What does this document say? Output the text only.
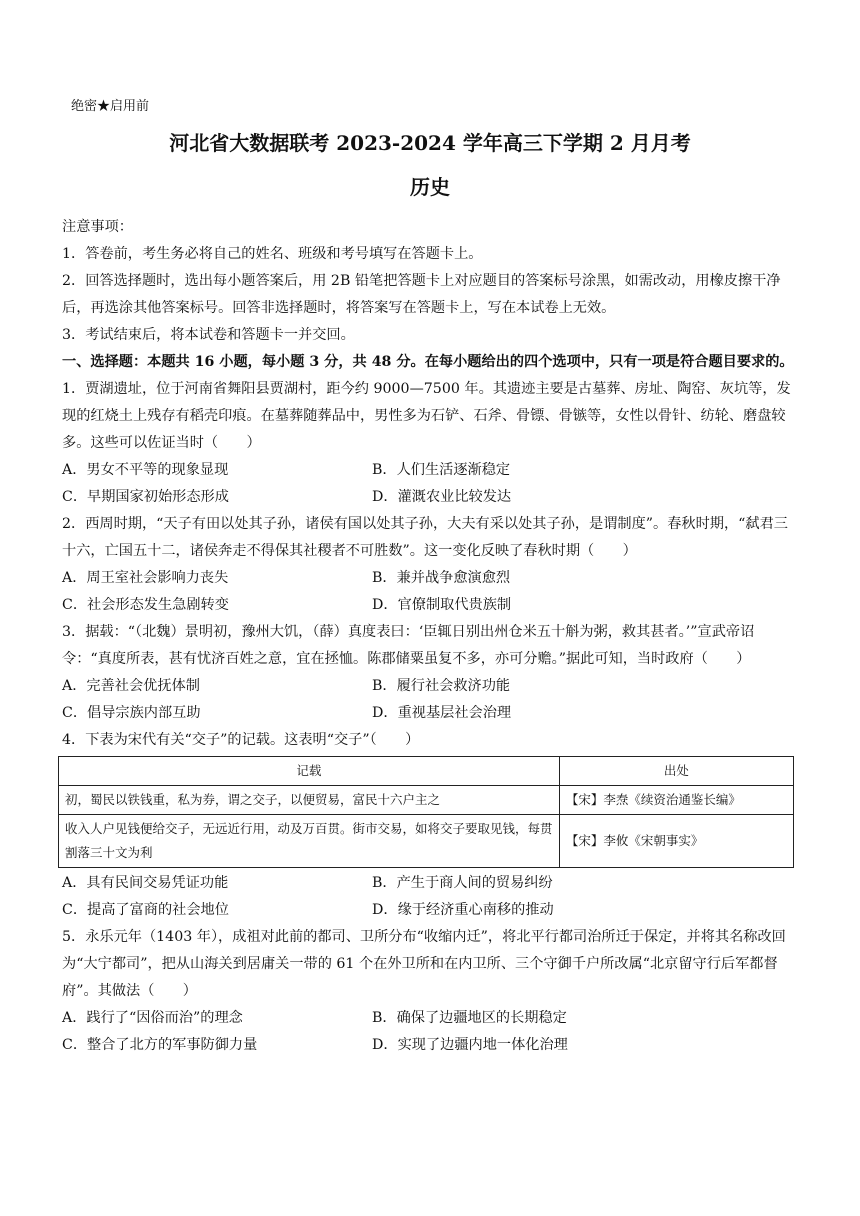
绝密★启用前
河北省大数据联考 2023-2024 学年高三下学期 2 月月考
历史

注意事项：

1．答卷前，考生务必将自己的姓名、班级和考号填写在答题卡上。

2．回答选择题时，选出每小题答案后，用 2B 铅笔把答题卡上对应题目的答案标号涂黑，如需改动，用橡皮擦干净后，再选涂其他答案标号。回答非选择题时，将答案写在答题卡上，写在本试卷上无效。

3．考试结束后，将本试卷和答题卡一并交回。

一、选择题：本题共 16 小题，每小题 3 分，共 48 分。在每小题给出的四个选项中，只有一项是符合题目要求的。

1．贾湖遗址，位于河南省舞阳县贾湖村，距今约 9000—7500 年。其遗迹主要是古墓葬、房址、陶窑、灰坑等，发现的红烧土上残存有稻壳印痕。在墓葬随葬品中，男性多为石铲、石斧、骨镖、骨镞等，女性以骨针、纺轮、磨盘较多。这些可以佐证当时（　　）

A．男女不平等的现象显现	B．人们生活逐渐稳定
C．早期国家初始形态形成	D．灌溉农业比较发达

2．西周时期，“天子有田以处其子孙，诸侯有国以处其子孙，大夫有采以处其子孙，是谓制度”。春秋时期，“弑君三十六，亡国五十二，诸侯奔走不得保其社稷者不可胜数”。这一变化反映了春秋时期（　　）

A．周王室社会影响力丧失	B．兼并战争愈演愈烈
C．社会形态发生急剧转变	D．官僚制取代贵族制

3．据载：“（北魏）景明初，豫州大饥，（薛）真度表曰：‘臣辄日别出州仓米五十斛为粥，救其甚者。’”宣武帝诏令：“真度所表，甚有忧济百姓之意，宜在拯恤。陈郡储粟虽复不多，亦可分赡。”据此可知，当时政府（　　）

A．完善社会优抚体制	B．履行社会救济功能
C．倡导宗族内部互助	D．重视基层社会治理

4．下表为宋代有关“交子”的记载。这表明“交子”（　　）

记载	出处
初，蜀民以铁钱重，私为券，谓之交子，以便贸易，富民十六户主之	【宋】李焘《续资治通鉴长编》
收入人户见钱便给交子，无远近行用，动及万百贯。街市交易，如将交子要取见钱，每贯割落三十文为利	【宋】李攸《宋朝事实》
A．具有民间交易凭证功能	B．产生于商人间的贸易纠纷
C．提高了富商的社会地位	D．缘于经济重心南移的推动

5．永乐元年（1403 年），成祖对此前的都司、卫所分布“收缩内迁”，将北平行都司治所迁于保定，并将其名称改回为“大宁都司”，把从山海关到居庸关一带的 61 个在外卫所和在内卫所、三个守御千户所改属“北京留守行后军都督府”。其做法（　　）

A．践行了“因俗而治”的理念	B．确保了边疆地区的长期稳定
C．整合了北方的军事防御力量	D．实现了边疆内地一体化治理
